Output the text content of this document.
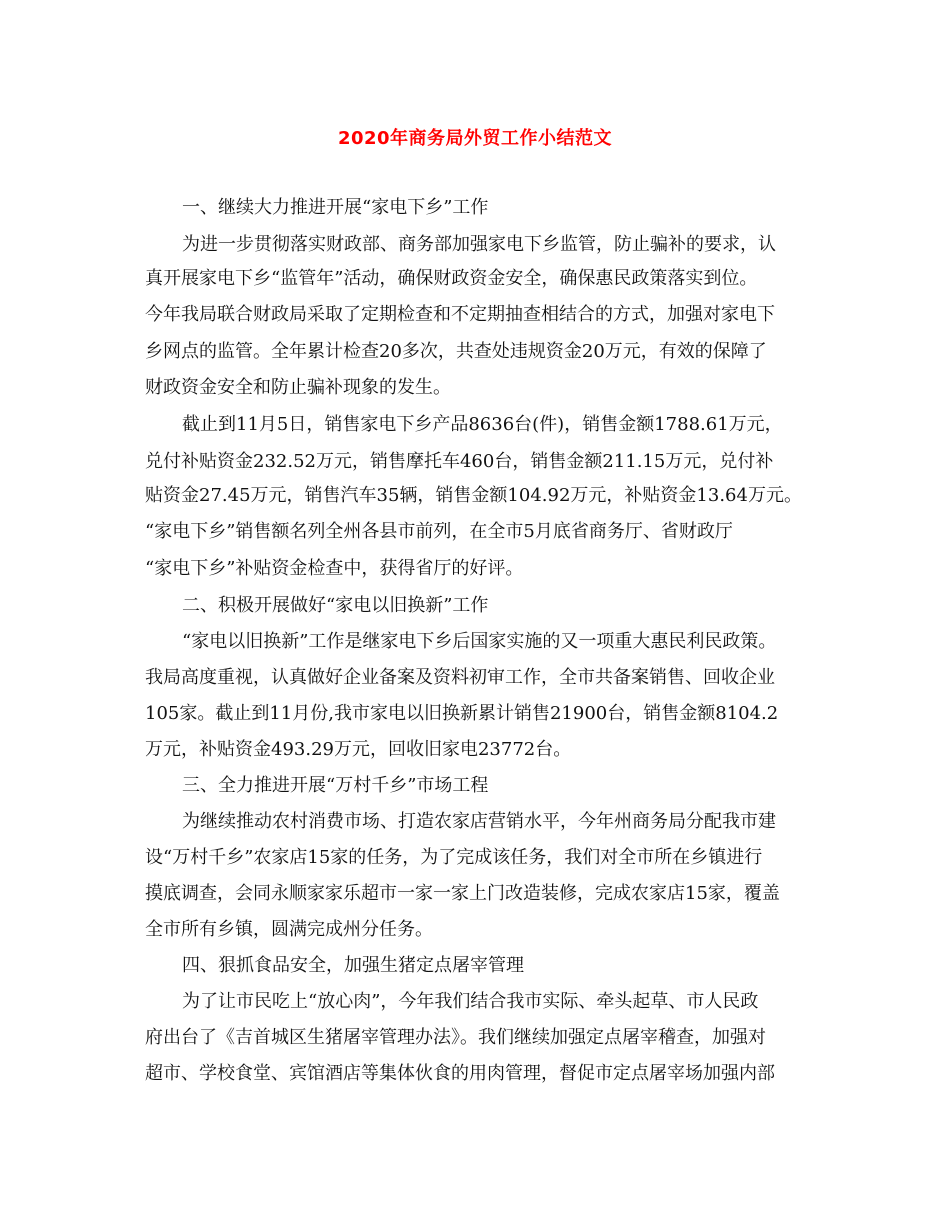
2020年商务局外贸工作小结范文
一、继续大力推进开展“家电下乡”工作
为进一步贯彻落实财政部、商务部加强家电下乡监管，防止骗补的要求，认
真开展家电下乡“监管年”活动，确保财政资金安全，确保惠民政策落实到位。
今年我局联合财政局采取了定期检查和不定期抽查相结合的方式，加强对家电下
乡网点的监管。全年累计检查20多次，共查处违规资金20万元，有效的保障了
财政资金安全和防止骗补现象的发生。
截止到11月5日，销售家电下乡产品8636台(件)，销售金额1788.61万元，
兑付补贴资金232.52万元，销售摩托车460台，销售金额211.15万元，兑付补
贴资金27.45万元，销售汽车35辆，销售金额104.92万元，补贴资金13.64万元。
“家电下乡”销售额名列全州各县市前列，在全市5月底省商务厅、省财政厅
“家电下乡”补贴资金检查中，获得省厅的好评。
二、积极开展做好“家电以旧换新”工作
“家电以旧换新”工作是继家电下乡后国家实施的又一项重大惠民利民政策。
我局高度重视，认真做好企业备案及资料初审工作，全市共备案销售、回收企业
105家。截止到11月份,我市家电以旧换新累计销售21900台，销售金额8104.2
万元，补贴资金493.29万元，回收旧家电23772台。
三、全力推进开展“万村千乡”市场工程
为继续推动农村消费市场、打造农家店营销水平，今年州商务局分配我市建
设“万村千乡”农家店15家的任务，为了完成该任务，我们对全市所在乡镇进行
摸底调查，会同永顺家家乐超市一家一家上门改造装修，完成农家店15家，覆盖
全市所有乡镇，圆满完成州分任务。
四、狠抓食品安全，加强生猪定点屠宰管理
为了让市民吃上“放心肉”，今年我们结合我市实际、牵头起草、市人民政
府出台了《吉首城区生猪屠宰管理办法》。我们继续加强定点屠宰稽查，加强对
超市、学校食堂、宾馆酒店等集体伙食的用肉管理，督促市定点屠宰场加强内部
